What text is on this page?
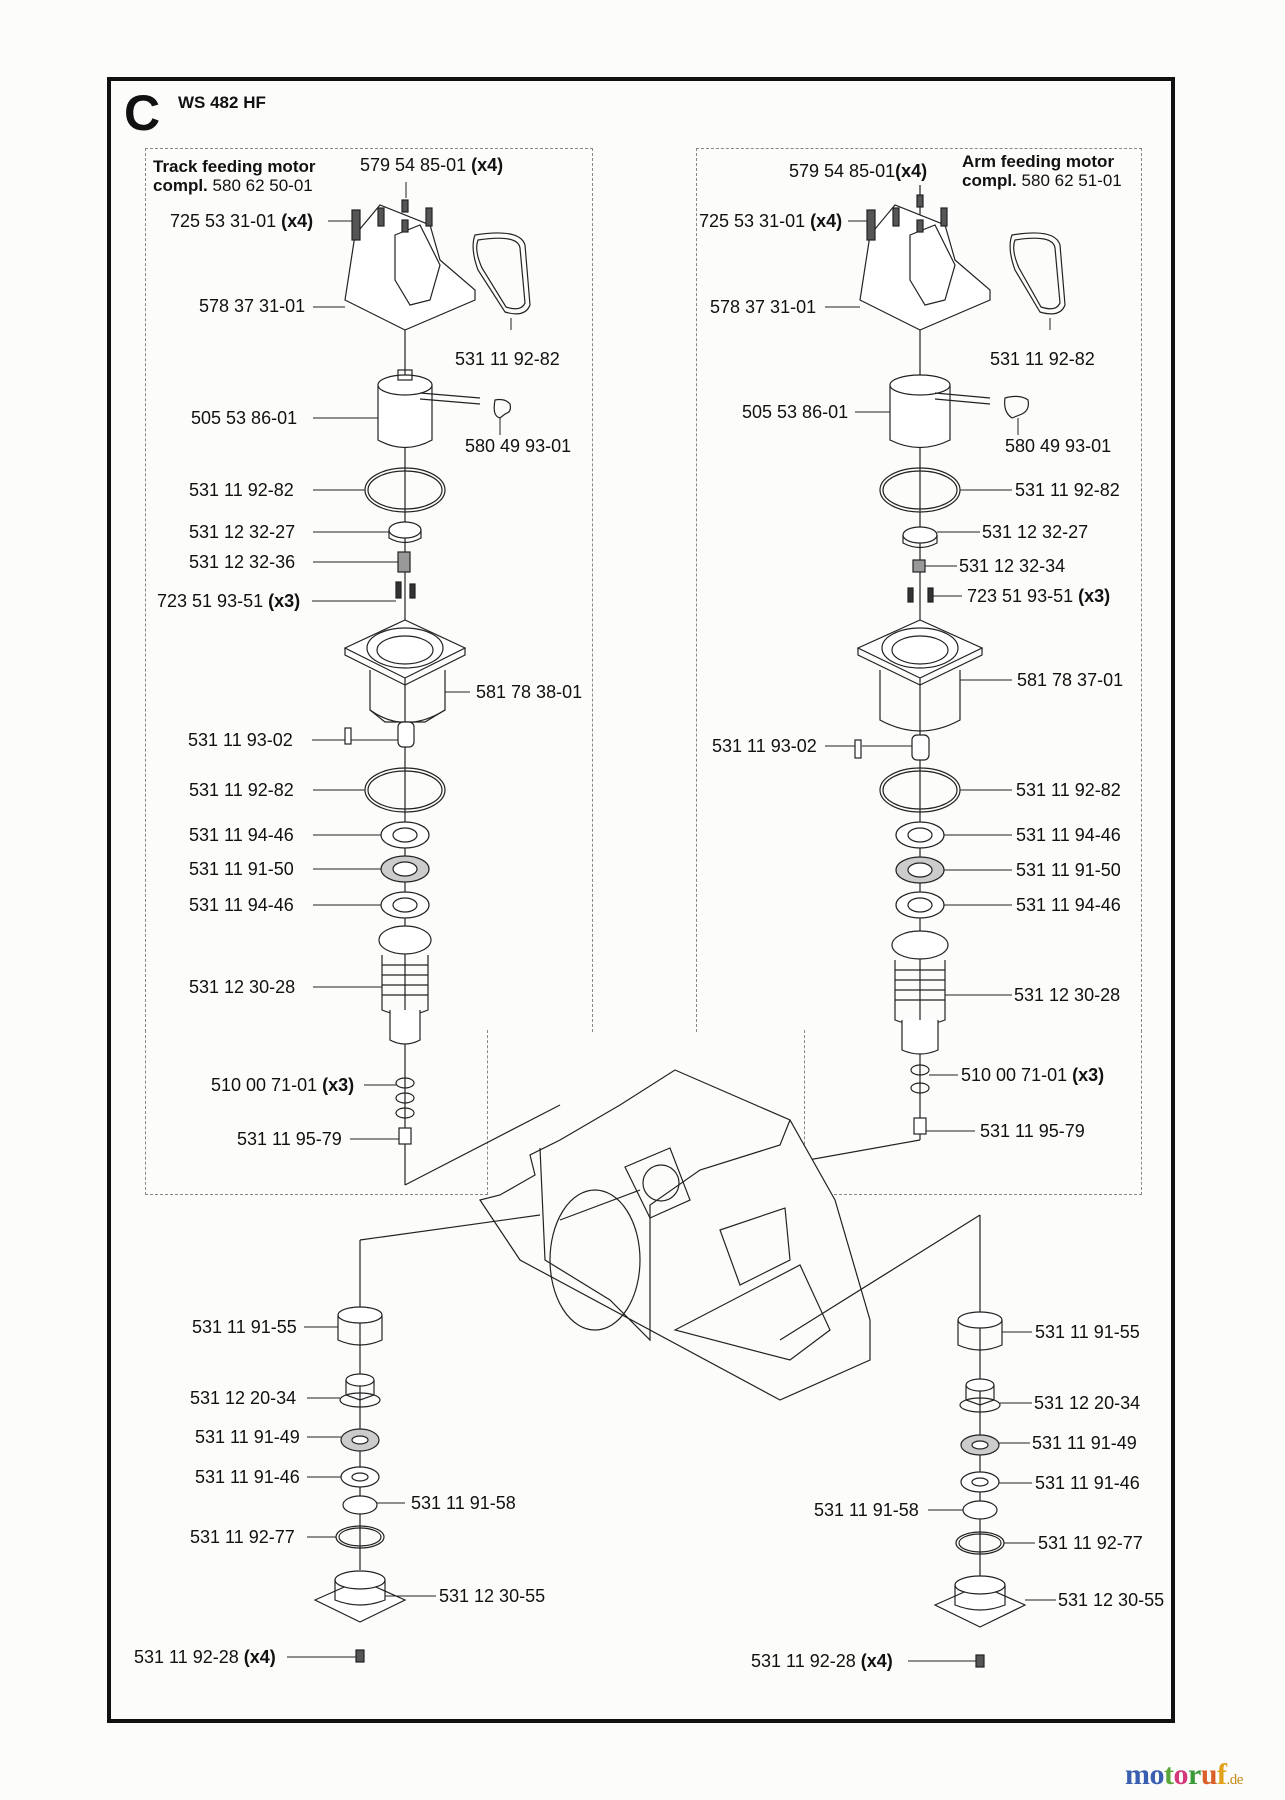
C WS 482 HF
Track feeding motor
compl. 580 62 50-01
Arm feeding motor
compl. 580 62 51-01
579 54 85-01 (x4)
725 53 31-01 (x4)
578 37 31-01
531 11 92-82
505 53 86-01
580 49 93-01
531 11 92-82
531 12 32-27
531 12 32-36
723 51 93-51 (x3)
581 78 38-01
531 11 93-02
531 11 92-82
531 11 94-46
531 11 91-50
531 11 94-46
531 12 30-28
510 00 71-01 (x3)
531 11 95-79
579 54 85-01(x4)
725 53 31-01 (x4)
578 37 31-01
531 11 92-82
505 53 86-01
580 49 93-01
531 11 92-82
531 12 32-27
531 12 32-34
723 51 93-51 (x3)
581 78 37-01
531 11 93-02
531 11 92-82
531 11 94-46
531 11 91-50
531 11 94-46
531 12 30-28
510 00 71-01 (x3)
531 11 95-79
531 11 91-55
531 12 20-34
531 11 91-49
531 11 91-46
531 11 91-58
531 11 92-77
531 12 30-55
531 11 92-28 (x4)
531 11 91-55
531 12 20-34
531 11 91-49
531 11 91-46
531 11 91-58
531 11 92-77
531 12 30-55
531 11 92-28 (x4)
motoruf.de
